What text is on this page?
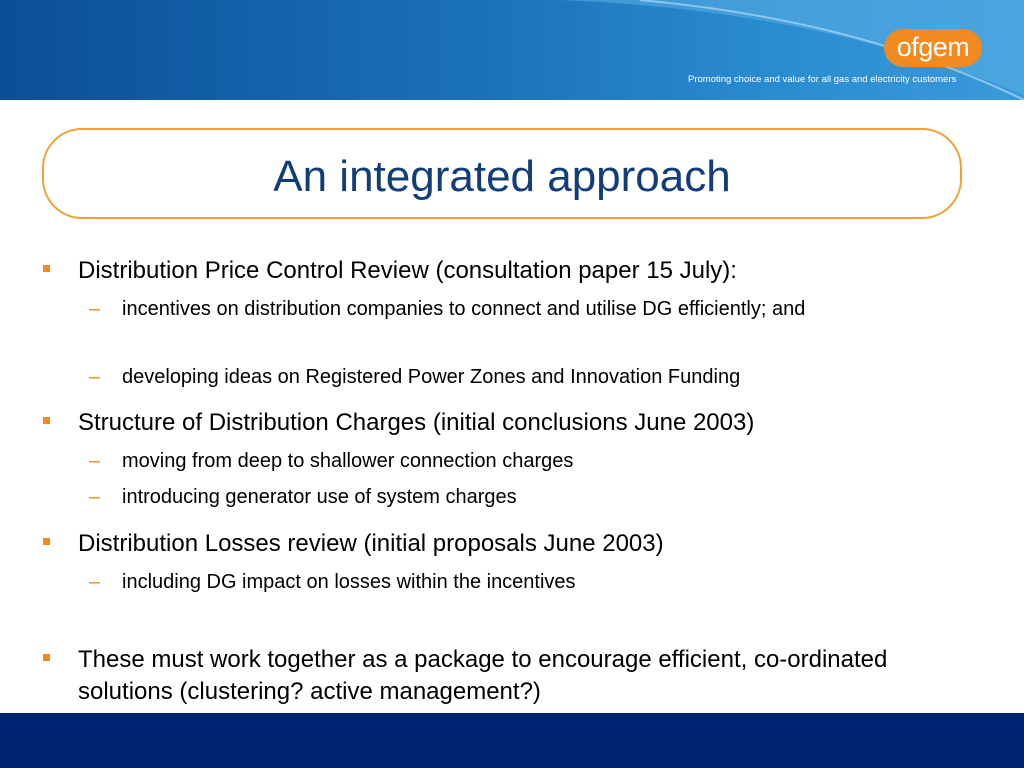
ofgem
Promoting choice and value for all gas and electricity customers
An integrated approach
Distribution Price Control Review (consultation paper 15 July):
– incentives on distribution companies to connect and utilise DG efficiently; and
– developing ideas on Registered Power Zones and Innovation Funding
Structure of Distribution Charges (initial conclusions June 2003)
– moving from deep to shallower connection charges
– introducing generator use of system charges
Distribution Losses review (initial proposals June 2003)
– including DG impact on losses within the incentives
These must work together as a package to encourage efficient, co-ordinated solutions (clustering? active management?)
